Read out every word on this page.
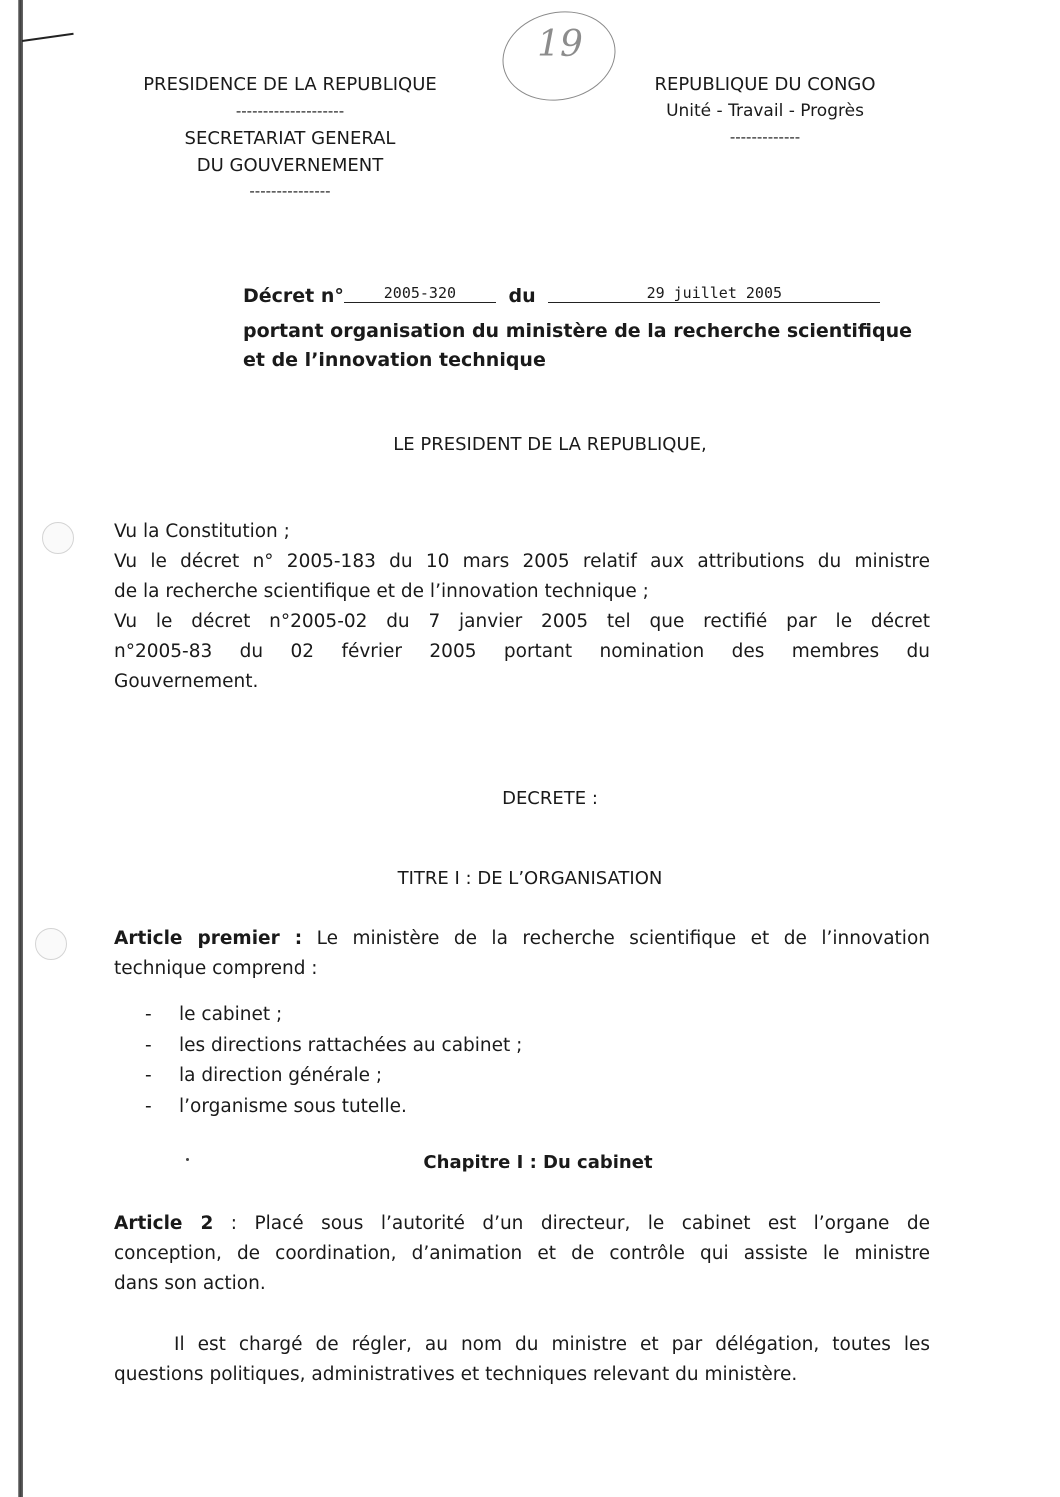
19
PRESIDENCE DE LA REPUBLIQUE
--------------------
SECRETARIAT GENERAL
DU GOUVERNEMENT
---------------
REPUBLIQUE DU CONGO
Unité - Travail - Progrès
-------------
Décret n°	2005-320	du	29 juillet 2005
portant organisation du ministère de la recherche scientifique
et de l’innovation technique
LE PRESIDENT DE LA REPUBLIQUE,
Vu la Constitution ;
Vu le décret n° 2005-183 du 10 mars 2005 relatif aux attributions du ministre
de la recherche scientifique et de l’innovation technique ;
Vu le décret n°2005-02 du 7 janvier 2005 tel que rectifié par le décret
n°2005-83 du 02 février 2005 portant nomination des membres du
Gouvernement.
DECRETE :
TITRE I : DE L’ORGANISATION
Article premier : Le ministère de la recherche scientifique et de l’innovation
technique comprend :
- le cabinet ;
- les directions rattachées au cabinet ;
- la direction générale ;
- l’organisme sous tutelle.
Chapitre I : Du cabinet
Article 2 : Placé sous l’autorité d’un directeur, le cabinet est l’organe de
conception, de coordination, d’animation et de contrôle qui assiste le ministre
dans son action.
Il est chargé de régler, au nom du ministre et par délégation, toutes les
questions politiques, administratives et techniques relevant du ministère.
